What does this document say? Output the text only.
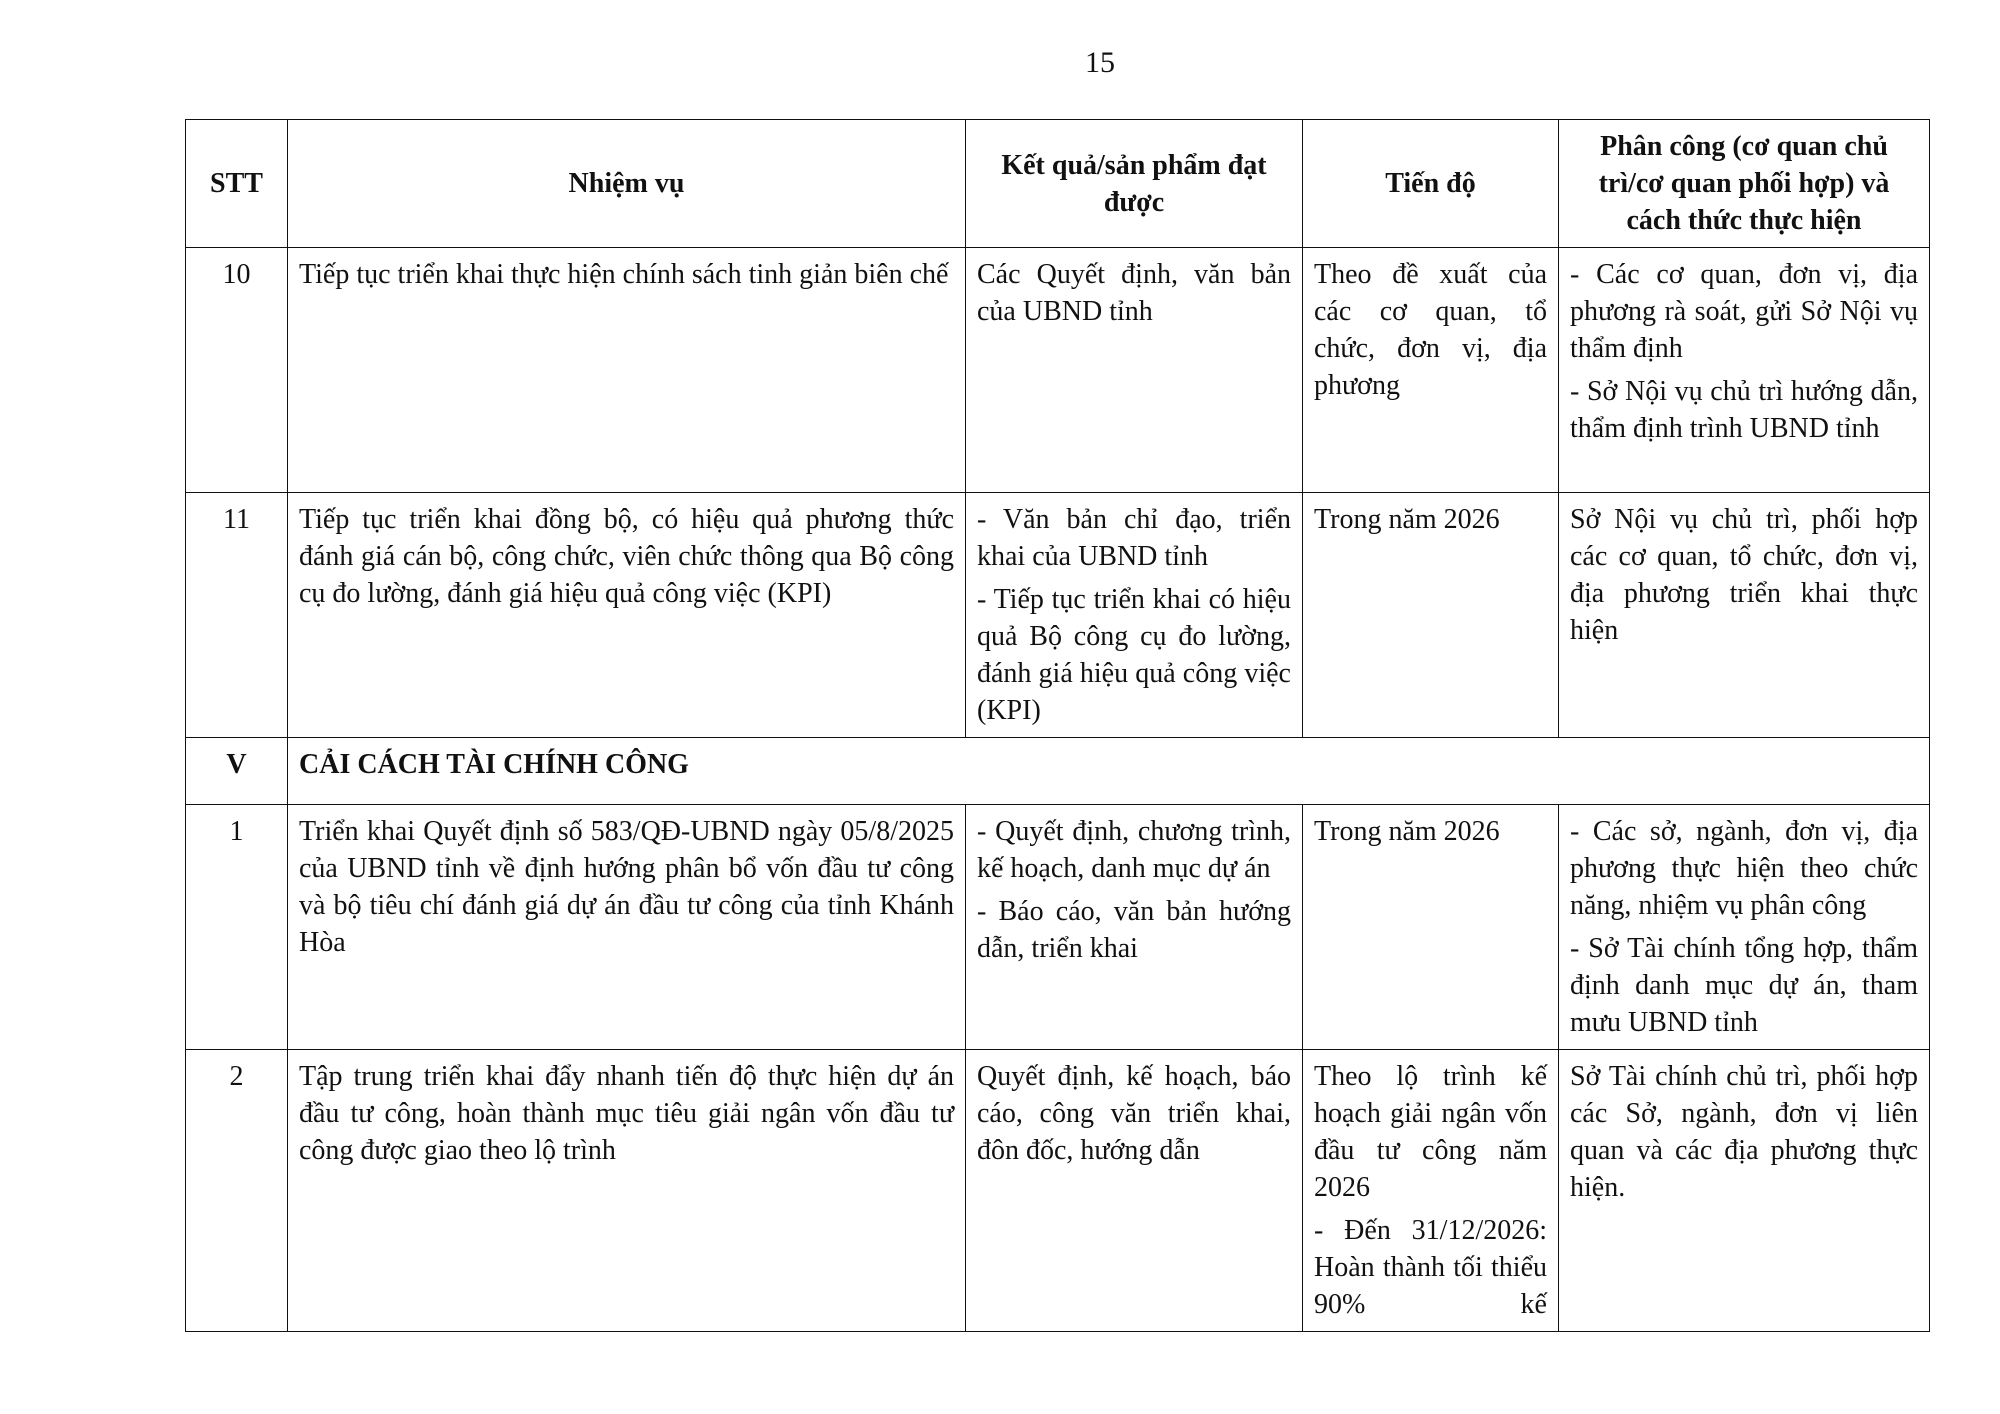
15
STT	Nhiệm vụ	Kết quả/sản phẩm đạt được	Tiến độ	Phân công (cơ quan chủ trì/cơ quan phối hợp) và cách thức thực hiện
10	Tiếp tục triển khai thực hiện chính sách tinh giản biên chế	Các Quyết định, văn bản của UBND tỉnh	Theo đề xuất của các cơ quan, tổ chức, đơn vị, địa phương	- Các cơ quan, đơn vị, địa phương rà soát, gửi Sở Nội vụ thẩm định
- Sở Nội vụ chủ trì hướng dẫn, thẩm định trình UBND tỉnh

11	Tiếp tục triển khai đồng bộ, có hiệu quả phương thức đánh giá cán bộ, công chức, viên chức thông qua Bộ công cụ đo lường, đánh giá hiệu quả công việc (KPI)	- Văn bản chỉ đạo, triển khai của UBND tỉnh
- Tiếp tục triển khai có hiệu quả Bộ công cụ đo lường, đánh giá hiệu quả công việc (KPI)	Trong năm 2026	Sở Nội vụ chủ trì, phối hợp các cơ quan, tổ chức, đơn vị, địa phương triển khai thực hiện

V	CẢI CÁCH TÀI CHÍNH CÔNG			
1	Triển khai Quyết định số 583/QĐ-UBND ngày 05/8/2025 của UBND tỉnh về định hướng phân bổ vốn đầu tư công và bộ tiêu chí đánh giá dự án đầu tư công của tỉnh Khánh Hòa	- Quyết định, chương trình, kế hoạch, danh mục dự án
- Báo cáo, văn bản hướng dẫn, triển khai	Trong năm 2026	- Các sở, ngành, đơn vị, địa phương thực hiện theo chức năng, nhiệm vụ phân công
- Sở Tài chính tổng hợp, thẩm định danh mục dự án, tham mưu UBND tỉnh

2	Tập trung triển khai đẩy nhanh tiến độ thực hiện dự án đầu tư công, hoàn thành mục tiêu giải ngân vốn đầu tư công được giao theo lộ trình	Quyết định, kế hoạch, báo cáo, công văn triển khai, đôn đốc, hướng dẫn	Theo lộ trình kế hoạch giải ngân vốn đầu tư công năm 2026
- Đến 31/12/2026: Hoàn thành tối thiểu 90% kế	Sở Tài chính chủ trì, phối hợp các Sở, ngành, đơn vị liên quan và các địa phương thực hiện.
